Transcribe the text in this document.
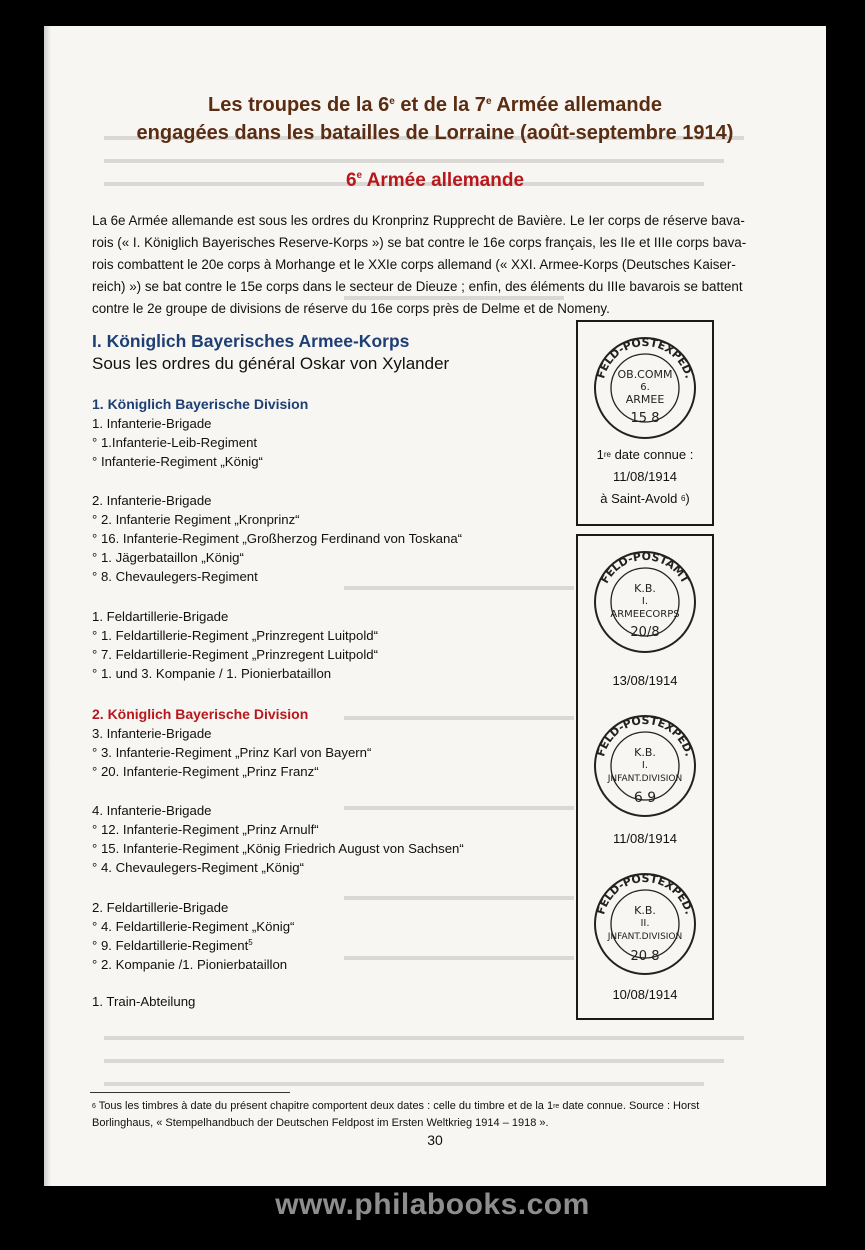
Les troupes de la 6e et de la 7e Armée allemande
engagées dans les batailles de Lorraine (août-septembre 1914)
6e Armée allemande
La 6e Armée allemande est sous les ordres du Kronprinz Rupprecht de Bavière. Le Ier corps de réserve bava-
rois (« I. Königlich Bayerisches Reserve-Korps ») se bat contre le 16e corps français, les IIe et IIIe corps bava-
rois combattent le 20e corps à Morhange et le XXIe corps allemand (« XXI. Armee-Korps (Deutsches Kaiser-
reich) ») se bat contre le 15e corps dans le secteur de Dieuze ; enfin, des éléments du IIIe bavarois se battent
contre le 2e groupe de divisions de réserve du 16e corps près de Delme et de Nomeny.
I. Königlich Bayerisches Armee-Korps
Sous les ordres du général Oskar von Xylander
1. Königlich Bayerische Division
1. Infanterie-Brigade
° 1.Infanterie-Leib-Regiment
° Infanterie-Regiment „König“
2. Infanterie-Brigade
° 2. Infanterie Regiment „Kronprinz“
° 16. Infanterie-Regiment „Großherzog Ferdinand von Toskana“
° 1. Jägerbataillon „König“
° 8. Chevaulegers-Regiment
1. Feldartillerie-Brigade
° 1. Feldartillerie-Regiment „Prinzregent Luitpold“
° 7. Feldartillerie-Regiment „Prinzregent Luitpold“
° 1. und 3. Kompanie / 1. Pionierbataillon
2. Königlich Bayerische Division
3. Infanterie-Brigade
° 3. Infanterie-Regiment „Prinz Karl von Bayern“
° 20. Infanterie-Regiment „Prinz Franz“
4. Infanterie-Brigade
° 12. Infanterie-Regiment „Prinz Arnulf“
° 15. Infanterie-Regiment „König Friedrich August von Sachsen“
° 4. Chevaulegers-Regiment „König“
2. Feldartillerie-Brigade
° 4. Feldartillerie-Regiment „König“
° 9. Feldartillerie-Regiment$^5$
° 2. Kompanie /1. Pionierbataillon
1. Train-Abteilung
FELD-POSTEXPED.
OB.COMM
6.
ARMEE
15 8
1re date connue :
11/08/1914
à Saint-Avold $^6$)
FELD-POSTAMT
K.B.
I.
ARMEECORPS
20/8
13/08/1914
FELD-POSTEXPED.
K.B.
I.
JNFANT.DIVISION
6 9
11/08/1914
FELD-POSTEXPED.
K.B.
II.
JNFANT.DIVISION
20 8
10/08/1914
$^6$ Tous les timbres à date du présent chapitre comportent deux dates : celle du timbre et de la 1re date connue. Source : Horst
Borlinghaus, « Stempelhandbuch der Deutschen Feldpost im Ersten Weltkrieg 1914 – 1918 ».
30
www.philabooks.com
